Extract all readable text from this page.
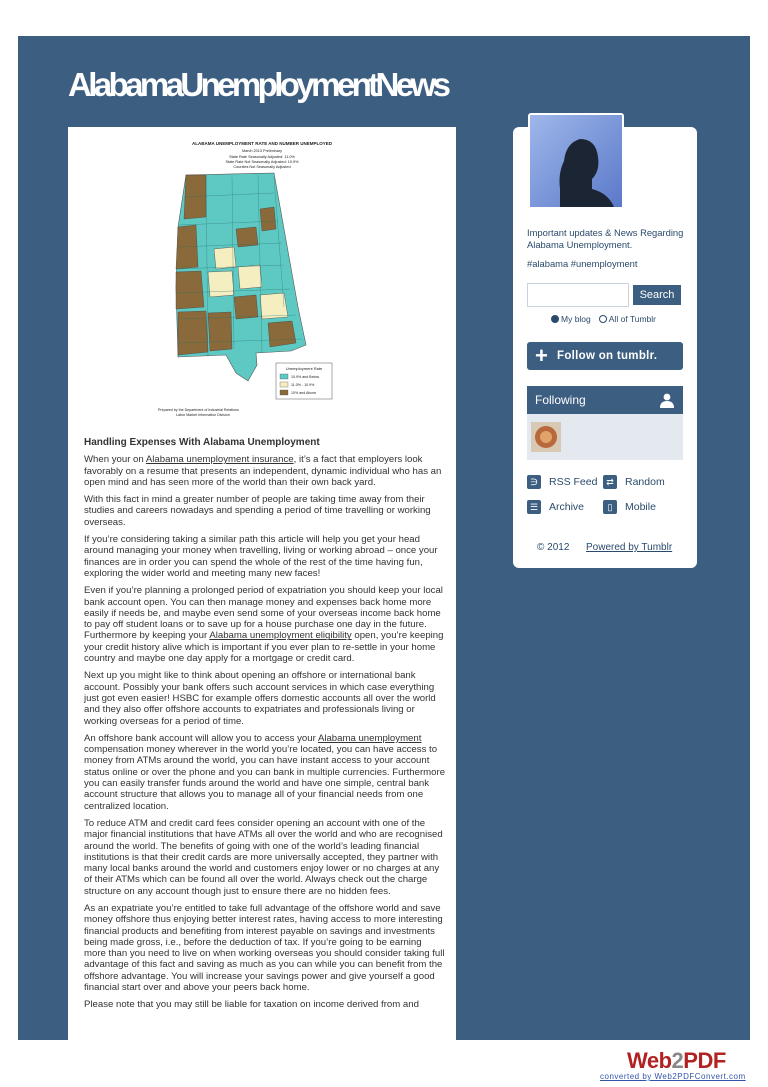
AlabamaUnemploymentNews
ALABAMA UNEMPLOYMENT RATE AND NUMBER UNEMPLOYED
March 2013 Preliminary
State Rate Seasonally Adjusted: 11.0%
State Rate Not Seasonally Adjusted: 10.9%
Counties Not Seasonally Adjusted
Unemployment Rate
10.9% and Below
11.0% - 10.9%
10% and Above
Prepared by the Department of Industrial Relations
Labor Market Information Division
Handling Expenses With Alabama Unemployment

When your on Alabama unemployment insurance, it’s a fact that employers look favorably on a resume that presents an independent, dynamic individual who has an open mind and has seen more of the world than their own back yard.

With this fact in mind a greater number of people are taking time away from their studies and careers nowadays and spending a period of time travelling or working overseas.

If you’re considering taking a similar path this article will help you get your head around managing your money when travelling, living or working abroad – once your finances are in order you can spend the whole of the rest of the time having fun, exploring the wider world and meeting many new faces!

Even if you’re planning a prolonged period of expatriation you should keep your local bank account open. You can then manage money and expenses back home more easily if needs be, and maybe even send some of your overseas income back home to pay off student loans or to save up for a house purchase one day in the future. Furthermore by keeping your Alabama unemployment eligibility open, you’re keeping your credit history alive which is important if you ever plan to re-settle in your home country and maybe one day apply for a mortgage or credit card.

Next up you might like to think about opening an offshore or international bank account. Possibly your bank offers such account services in which case everything just got even easier! HSBC for example offers domestic accounts all over the world and they also offer offshore accounts to expatriates and professionals living or working overseas for a period of time.

An offshore bank account will allow you to access your Alabama unemployment compensation money wherever in the world you’re located, you can have access to money from ATMs around the world, you can have instant access to your account status online or over the phone and you can bank in multiple currencies. Furthermore you can easily transfer funds around the world and have one simple, central bank account structure that allows you to manage all of your financial needs from one centralized location.

To reduce ATM and credit card fees consider opening an account with one of the major financial institutions that have ATMs all over the world and who are recognised around the world. The benefits of going with one of the world’s leading financial institutions is that their credit cards are more universally accepted, they partner with many local banks around the world and customers enjoy lower or no charges at any of their ATMs which can be found all over the world. Always check out the charge structure on any account though just to ensure there are no hidden fees.

As an expatriate you’re entitled to take full advantage of the offshore world and save money offshore thus enjoying better interest rates, having access to more interesting financial products and benefiting from interest payable on savings and investments being made gross, i.e., before the deduction of tax. If you’re going to be earning more than you need to live on when working overseas you should consider taking full advantage of this fact and saving as much as you can while you can benefit from the offshore advantage. You will increase your savings power and give yourself a good financial start over and above your peers back home.

Please note that you may still be liable for taxation on income derived from and

Important updates & News Regarding Alabama Unemployment.
#alabama #unemployment
Search
My blog All of Tumblr
+ Follow on tumblr.
Following
∋ RSS Feed ⇄	Random
☰ Archive	▯	Mobile
© 2012 Powered by Tumblr
Web2PDF
converted by Web2PDFConvert.com
